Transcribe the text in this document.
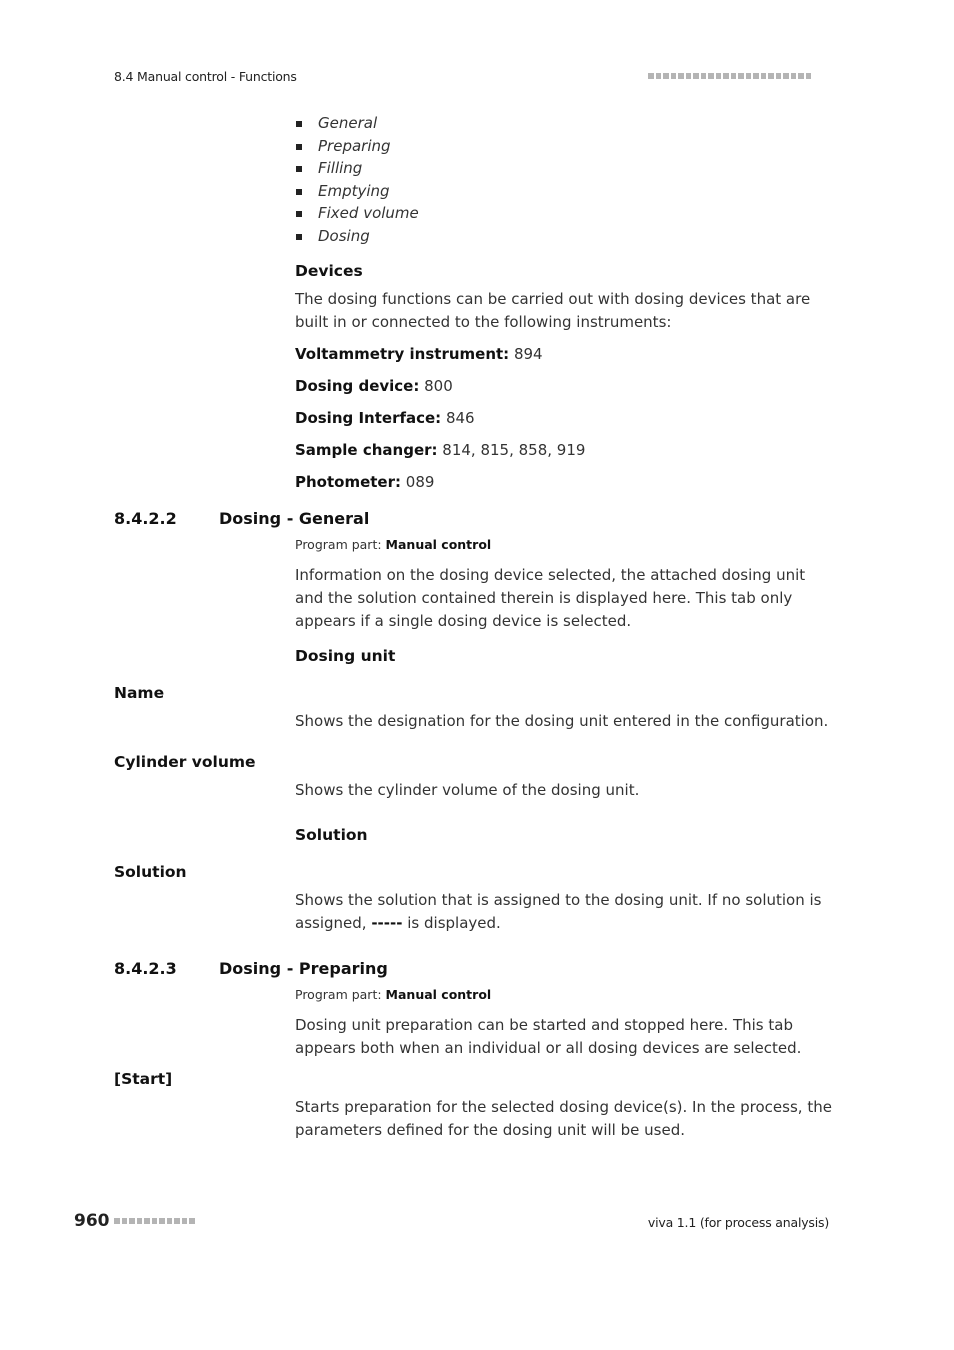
8.4 Manual control - Functions
General
Preparing
Filling
Emptying
Fixed volume
Dosing
Devices
The dosing functions can be carried out with dosing devices that are built in or connected to the following instruments:
Voltammetry instrument: 894
Dosing device: 800
Dosing Interface: 846
Sample changer: 814, 815, 858, 919
Photometer: 089
8.4.2.2	Dosing - General
Program part: Manual control
Information on the dosing device selected, the attached dosing unit and the solution contained therein is displayed here. This tab only appears if a single dosing device is selected.
Dosing unit
Name
Shows the designation for the dosing unit entered in the configuration.
Cylinder volume
Shows the cylinder volume of the dosing unit.
Solution
Solution
Shows the solution that is assigned to the dosing unit. If no solution is assigned, ----- is displayed.
8.4.2.3	Dosing - Preparing
Program part: Manual control
Dosing unit preparation can be started and stopped here. This tab appears both when an individual or all dosing devices are selected.
[Start]
Starts preparation for the selected dosing device(s). In the process, the parameters defined for the dosing unit will be used.
960	viva 1.1 (for process analysis)
